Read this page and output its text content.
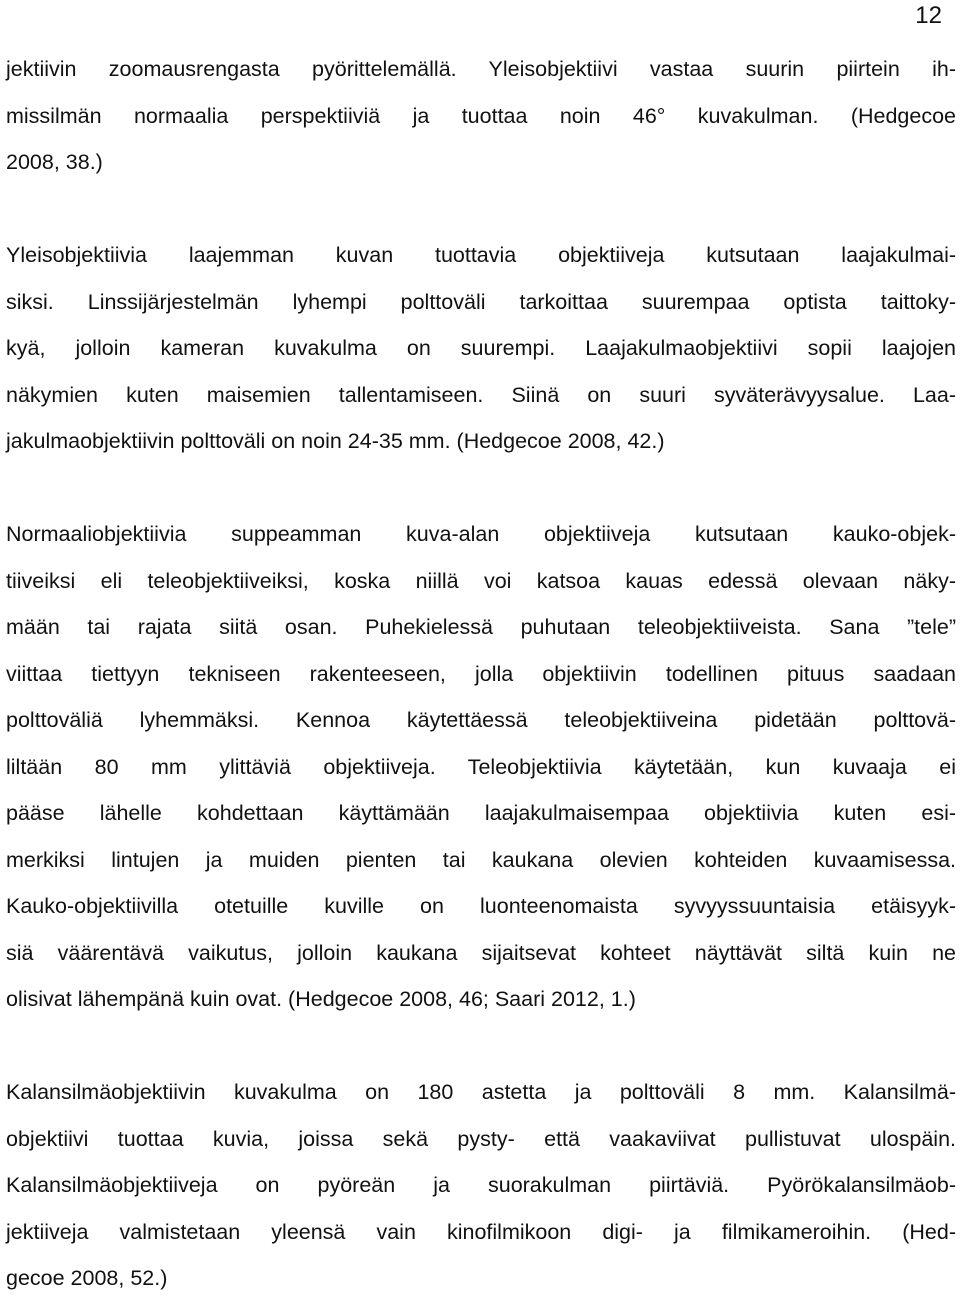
12
jektiivin zoomausrengasta pyörittelemällä. Yleisobjektiivi vastaa suurin piirtein ih-
missilmän normaalia perspektiiviä ja tuottaa noin 46° kuvakulman. (Hedgecoe
2008, 38.)
Yleisobjektiivia laajemman kuvan tuottavia objektiiveja kutsutaan laajakulmai-
siksi. Linssijärjestelmän lyhempi polttoväli tarkoittaa suurempaa optista taittoky-
kyä, jolloin kameran kuvakulma on suurempi. Laajakulmaobjektiivi sopii laajojen
näkymien kuten maisemien tallentamiseen. Siinä on suuri syväterävyysalue. Laa-
jakulmaobjektiivin polttoväli on noin 24-35 mm. (Hedgecoe 2008, 42.)
Normaaliobjektiivia suppeamman kuva-alan objektiiveja kutsutaan kauko-objek-
tiiveiksi eli teleobjektiiveiksi, koska niillä voi katsoa kauas edessä olevaan näky-
mään tai rajata siitä osan. Puhekielessä puhutaan teleobjektiiveista. Sana ”tele”
viittaa tiettyyn tekniseen rakenteeseen, jolla objektiivin todellinen pituus saadaan
polttoväliä lyhemmäksi. Kennoa käytettäessä teleobjektiiveina pidetään polttovä-
liltään 80 mm ylittäviä objektiiveja. Teleobjektiivia käytetään, kun kuvaaja ei
pääse lähelle kohdettaan käyttämään laajakulmaisempaa objektiivia kuten esi-
merkiksi lintujen ja muiden pienten tai kaukana olevien kohteiden kuvaamisessa.
Kauko-objektiivilla otetuille kuville on luonteenomaista syvyyssuuntaisia etäisyyk-
siä väärentävä vaikutus, jolloin kaukana sijaitsevat kohteet näyttävät siltä kuin ne
olisivat lähempänä kuin ovat. (Hedgecoe 2008, 46; Saari 2012, 1.)
Kalansilmäobjektiivin kuvakulma on 180 astetta ja polttoväli 8 mm. Kalansilmä-
objektiivi tuottaa kuvia, joissa sekä pysty- että vaakaviivat pullistuvat ulospäin.
Kalansilmäobjektiiveja on pyöreän ja suorakulman piirtäviä. Pyörökalansilmäob-
jektiiveja valmistetaan yleensä vain kinofilmikoon digi- ja filmikameroihin. (Hed-
gecoe 2008, 52.)
